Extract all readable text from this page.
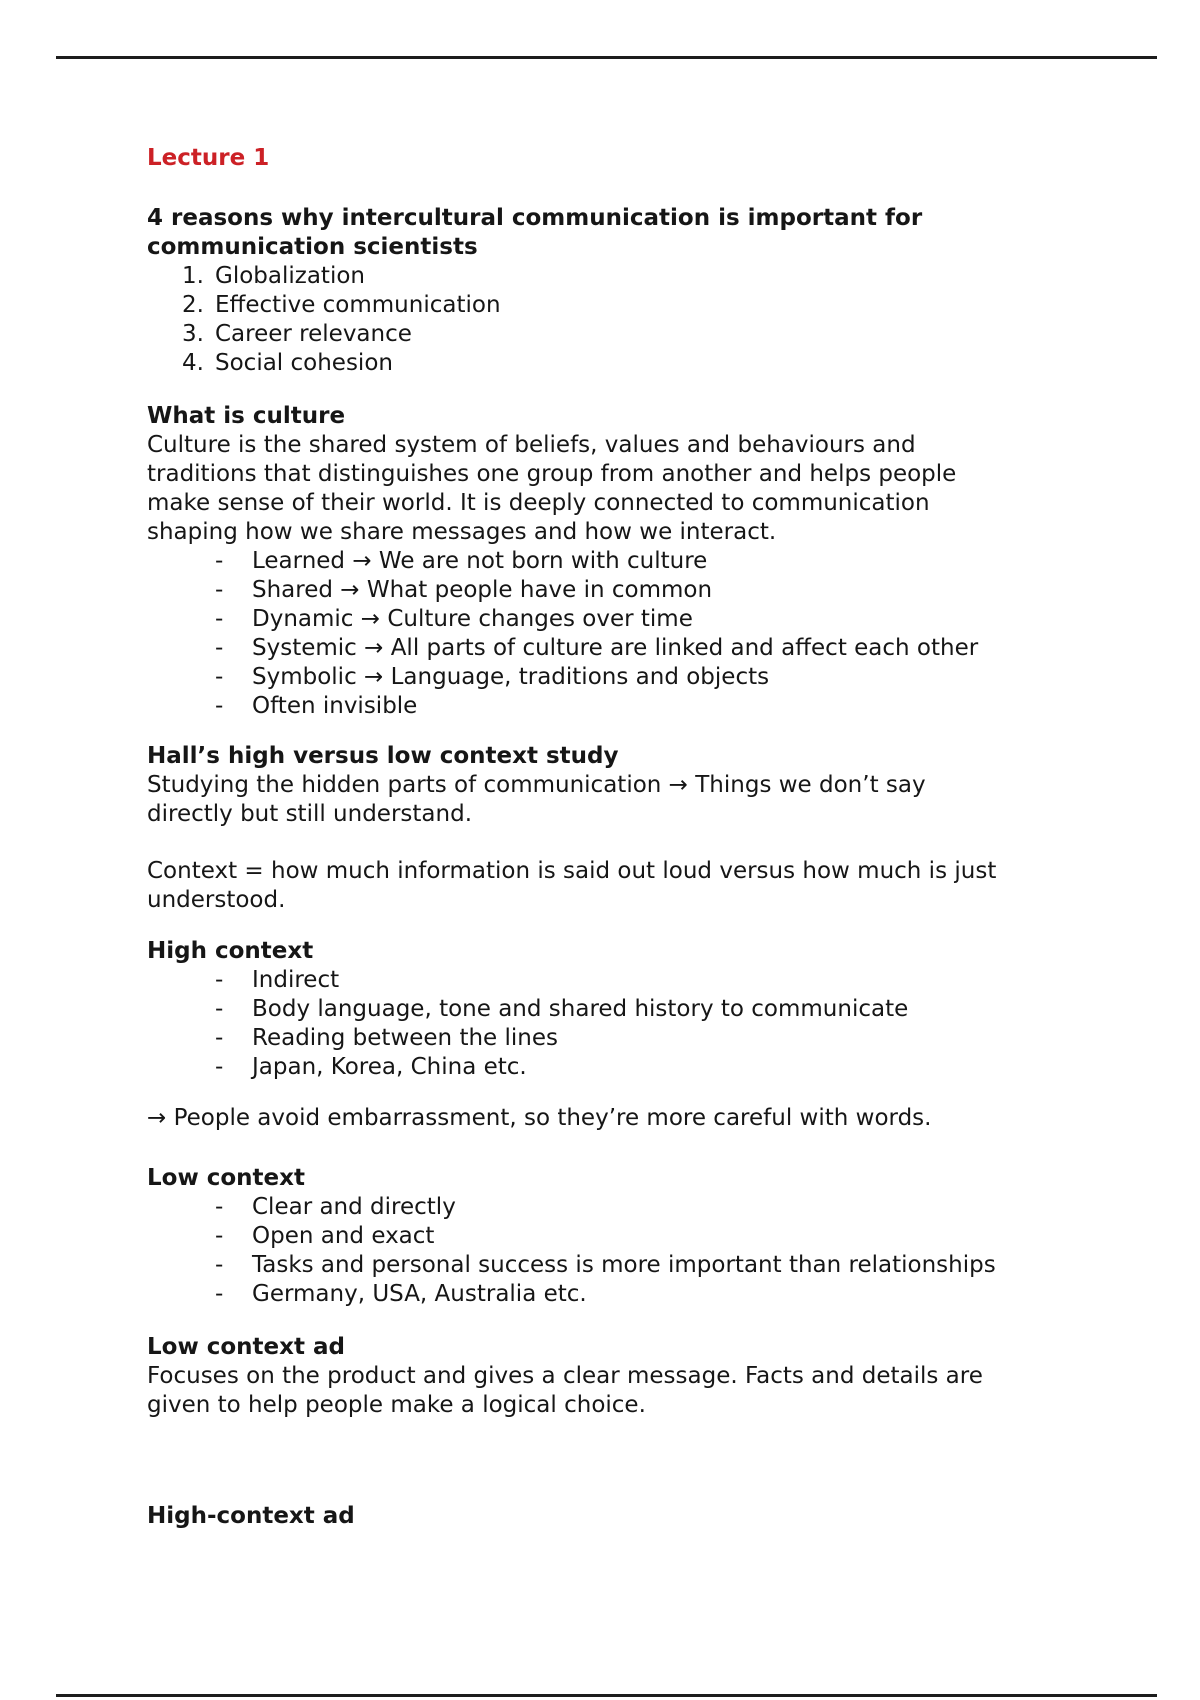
Lecture 1
4 reasons why intercultural communication is important for
communication scientists
1. Globalization
2. Effective communication
3. Career relevance
4. Social cohesion
What is culture
Culture is the shared system of beliefs, values and behaviours and
traditions that distinguishes one group from another and helps people
make sense of their world. It is deeply connected to communication
shaping how we share messages and how we interact.
- Learned → We are not born with culture
- Shared → What people have in common
- Dynamic → Culture changes over time
- Systemic → All parts of culture are linked and affect each other
- Symbolic → Language, traditions and objects
- Often invisible
Hall’s high versus low context study
Studying the hidden parts of communication → Things we don’t say
directly but still understand.
Context = how much information is said out loud versus how much is just
understood.
High context
- Indirect
- Body language, tone and shared history to communicate
- Reading between the lines
- Japan, Korea, China etc.
→ People avoid embarrassment, so they’re more careful with words.
Low context
- Clear and directly
- Open and exact
- Tasks and personal success is more important than relationships
- Germany, USA, Australia etc.
Low context ad
Focuses on the product and gives a clear message. Facts and details are
given to help people make a logical choice.
High-context ad
